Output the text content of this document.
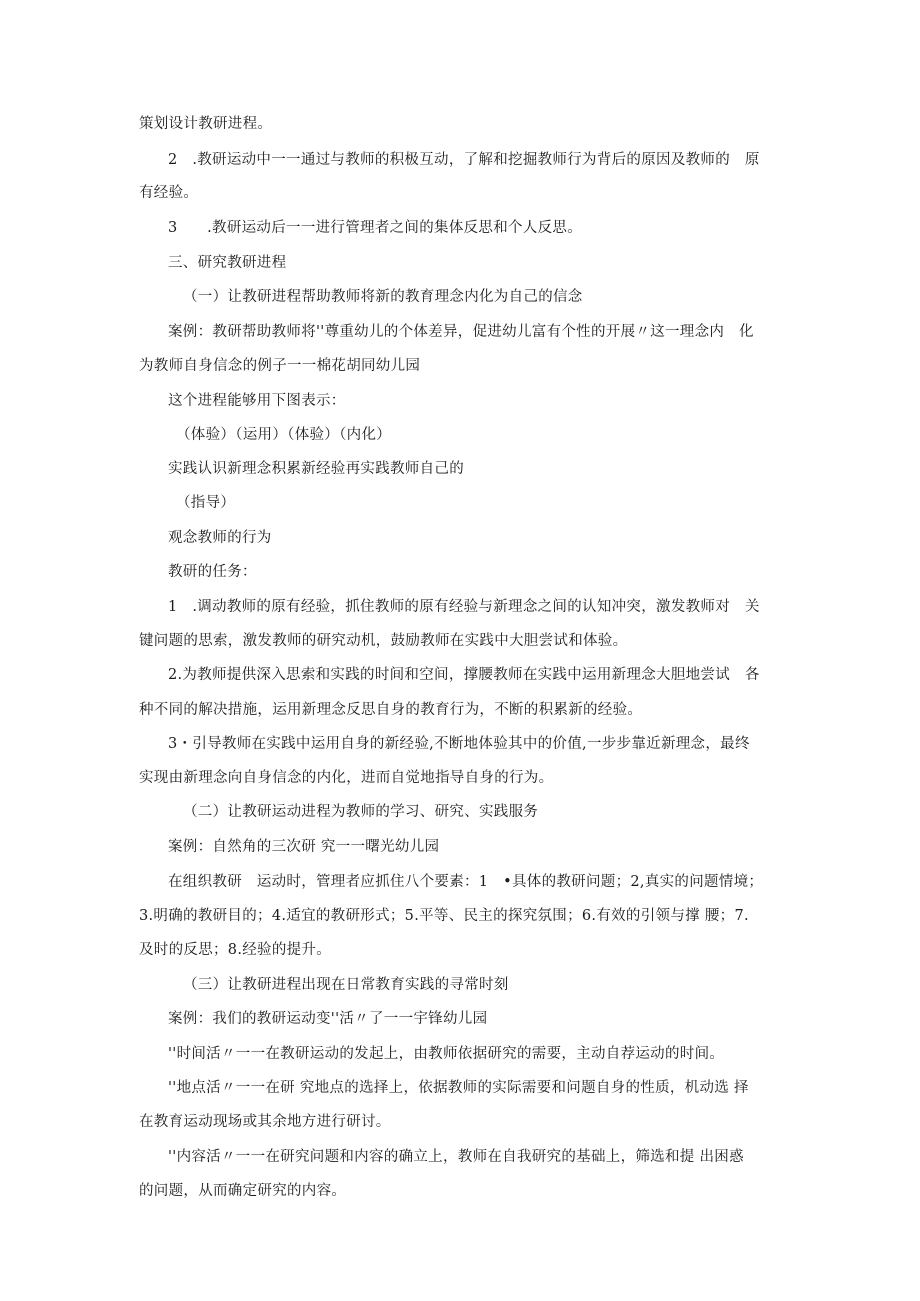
策划设计教研进程。

2　.教研运动中一一通过与教师的积极互动，了解和挖掘教师行为背后的原因及教师的　原

有经验。

3　　.教研运动后一一进行管理者之间的集体反思和个人反思。

三、研究教研进程

（一）让教研进程帮助教师将新的教育理念内化为自己的信念

案例：教研帮助教师将''尊重幼儿的个体差异，促进幼儿富有个性的开展〃这一理念内　化

为教师自身信念的例子一一棉花胡同幼儿园

这个进程能够用下图表示：

（体验）（运用）（体验）（内化）

实践认识新理念积累新经验再实践教师自己的

（指导）

观念教师的行为

教研的任务：

1　.调动教师的原有经验，抓住教师的原有经验与新理念之间的认知冲突，激发教师对　关

键问题的思索，激发教师的研究动机，鼓励教师在实践中大胆尝试和体验。

2.为教师提供深入思索和实践的时间和空间，撑腰教师在实践中运用新理念大胆地尝试　各

种不同的解决措施，运用新理念反思自身的教育行为，不断的积累新的经验。

3・引导教师在实践中运用自身的新经验,不断地体验其中的价值,一步步靠近新理念，最终

实现由新理念向自身信念的内化，进而自觉地指导自身的行为。

（二）让教研运动进程为教师的学习、研究、实践服务

案例：自然角的三次研 究一一曙光幼儿园

在组织教研　运动时，管理者应抓住八个要素：1　•具体的教研问题；2,真实的问题情境；

3.明确的教研目的；4.适宜的教研形式；5.平等、民主的探究氛围；6.有效的引领与撑 腰；7.

及时的反思；8.经验的提升。

（三）让教研进程出现在日常教育实践的寻常时刻

案例：我们的教研运动变''活〃了一一宇锋幼儿园

''时间活〃一一在教研运动的发起上，由教师依据研究的需要，主动自荐运动的时间。

''地点活〃一一在研 究地点的选择上，依据教师的实际需要和问题自身的性质，机动选 择

在教育运动现场或其余地方进行研讨。

''内容活〃一一在研究问题和内容的确立上，教师在自我研究的基础上，筛选和提 出困惑

的问题，从而确定研究的内容。
